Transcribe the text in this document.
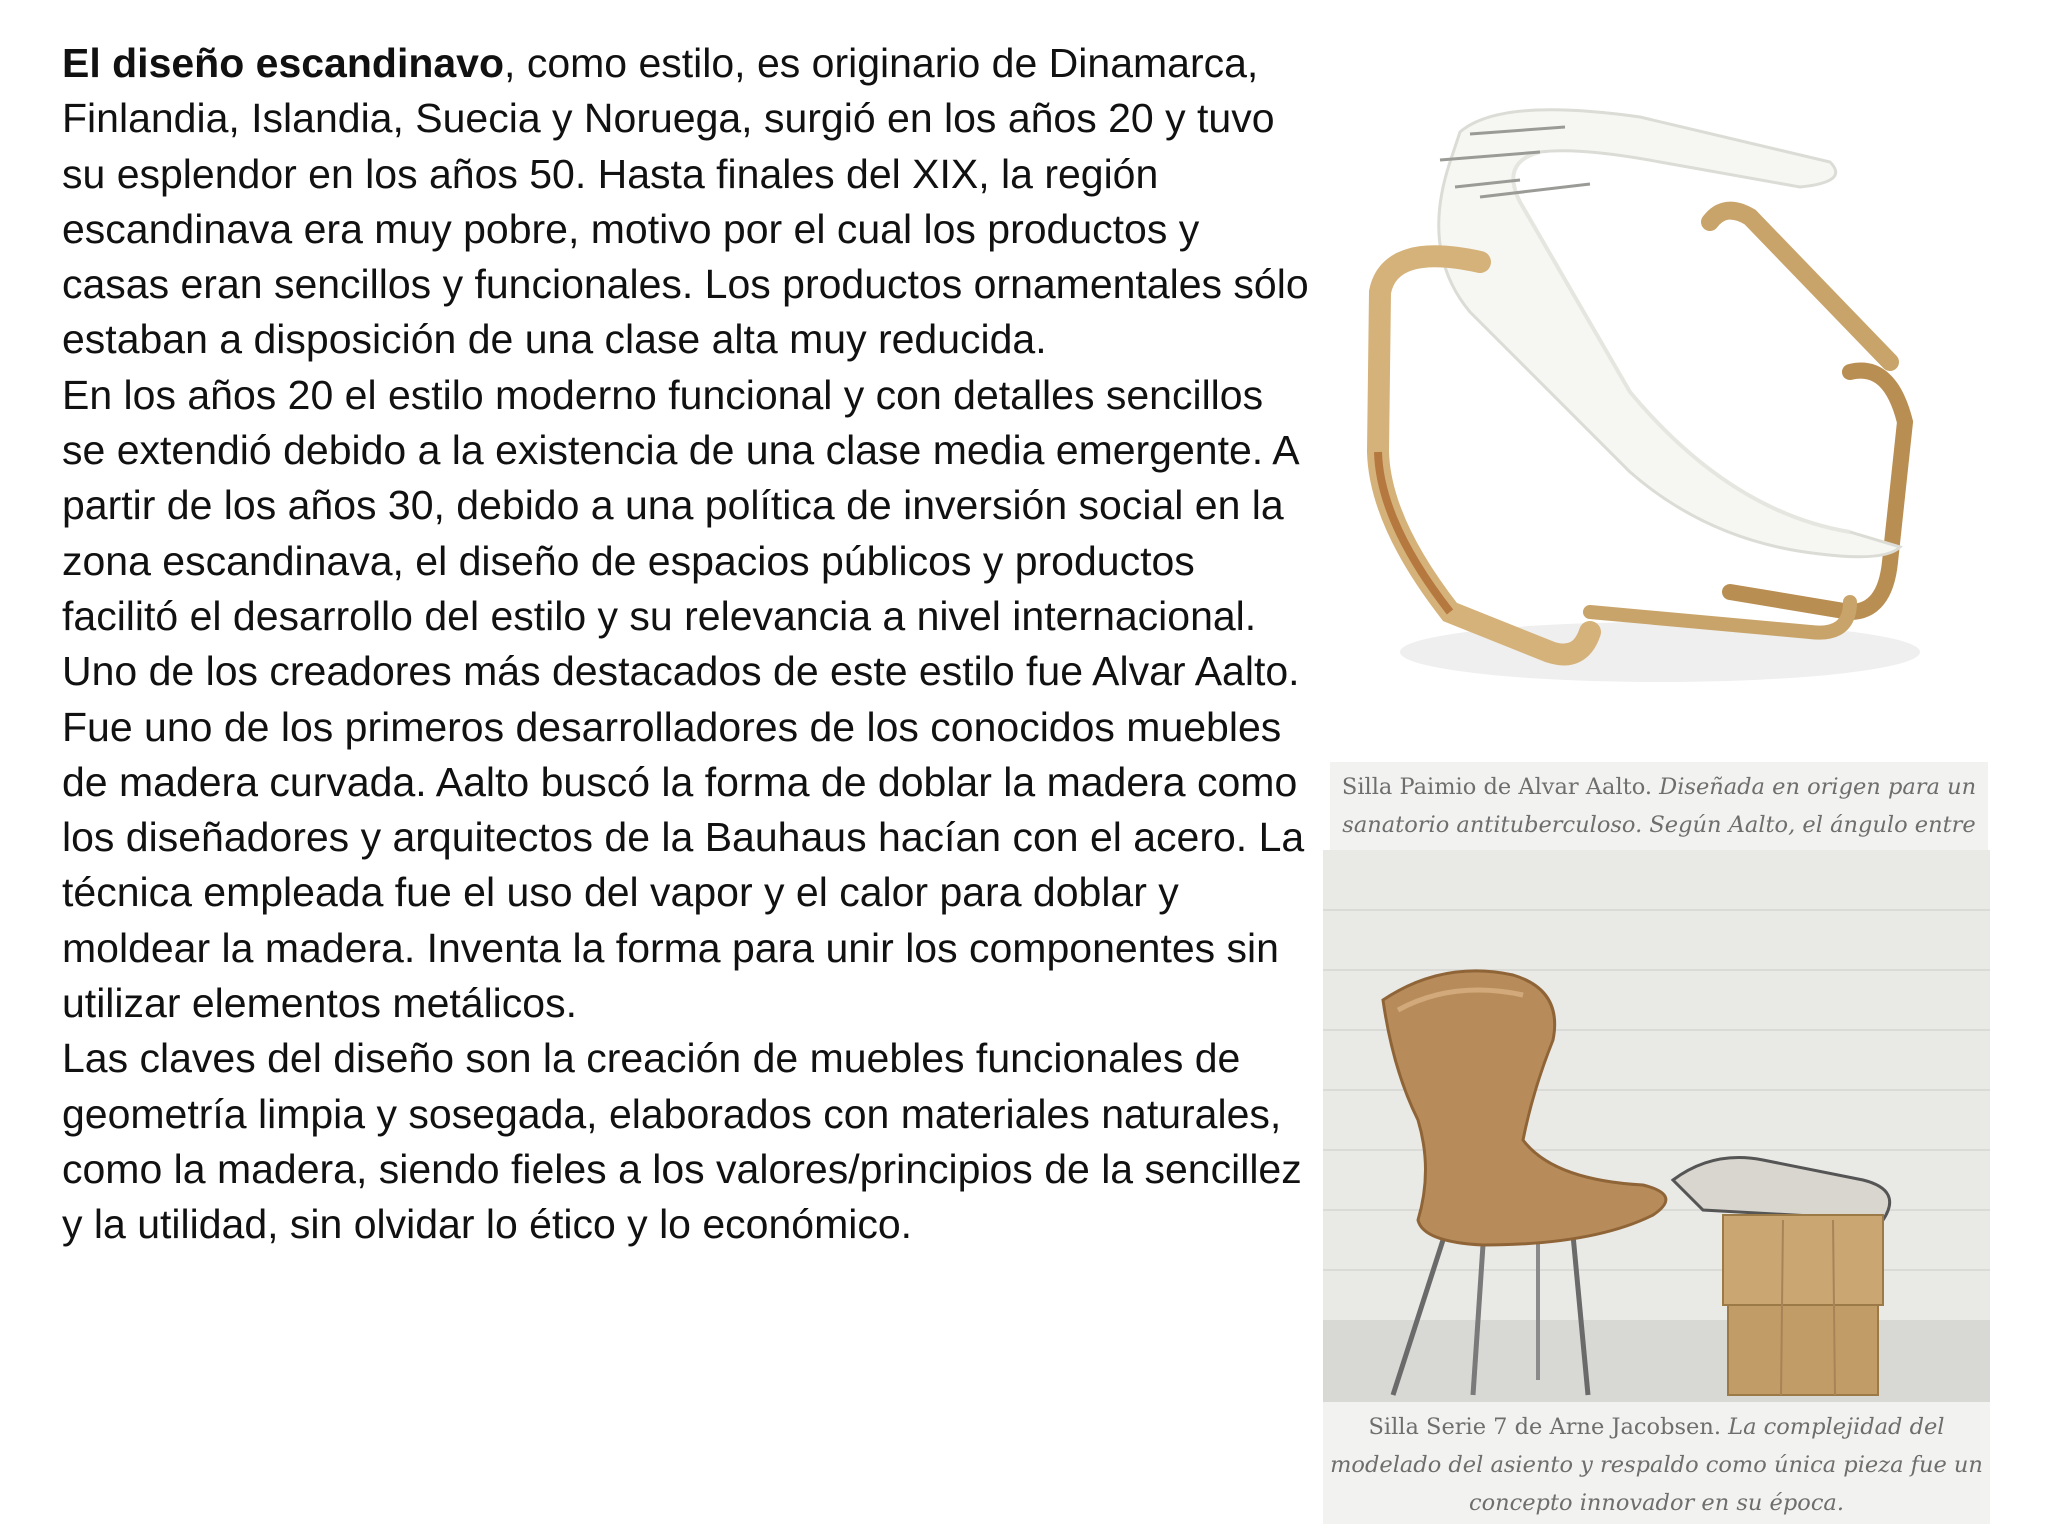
El diseño escandinavo, como estilo, es originario de Dinamarca, Finlandia, Islandia, Suecia y Noruega, surgió en los años 20 y tuvo su esplendor en los años 50. Hasta finales del XIX, la región escandinava era muy pobre, motivo por el cual los productos y casas eran sencillos y funcionales. Los productos ornamentales sólo estaban a disposición de una clase alta muy reducida.

En los años 20 el estilo moderno funcional y con detalles sencillos se extendió debido a la existencia de una clase media emergente. A partir de los años 30, debido a una política de inversión social en la zona escandinava, el diseño de espacios públicos y productos facilitó el desarrollo del estilo y su relevancia a nivel internacional.

Uno de los creadores más destacados de este estilo fue Alvar Aalto. Fue uno de los primeros desarrolladores de los conocidos muebles de madera curvada. Aalto buscó la forma de doblar la madera como los diseñadores y arquitectos de la Bauhaus hacían con el acero. La técnica empleada fue el uso del vapor y el calor para doblar y moldear la madera. Inventa la forma para unir los componentes sin utilizar elementos metálicos.

Las claves del diseño son la creación de muebles funcionales de geometría limpia y sosegada, elaborados con materiales naturales, como la madera, siendo fieles a los valores/principios de la sencillez y la utilidad, sin olvidar lo ético y lo económico.

Silla Paimio de Alvar Aalto. Diseñada en origen para un sanatorio antituberculoso. Según Aalto, el ángulo entre
Silla Serie 7 de Arne Jacobsen. La complejidad del modelado del asiento y respaldo como única pieza fue un concepto innovador en su época.
